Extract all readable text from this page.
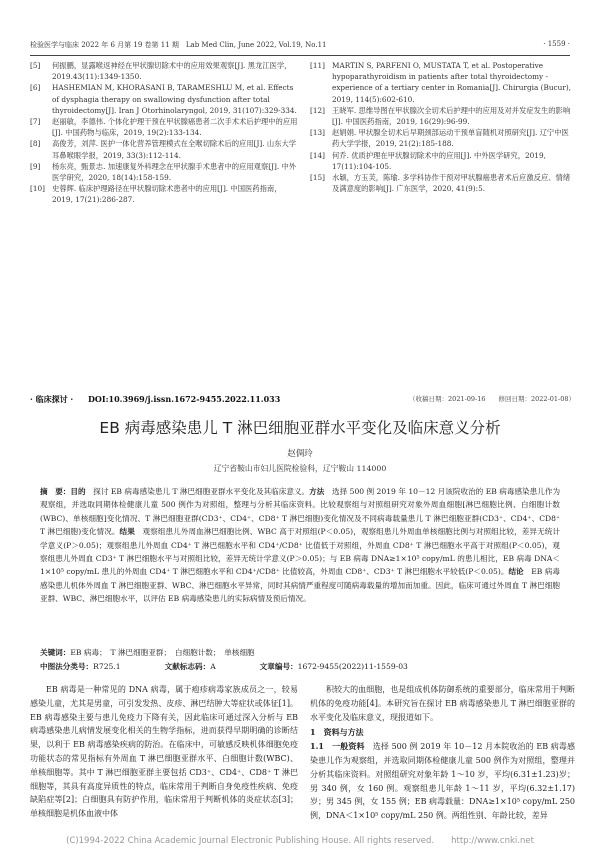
检验医学与临床 2022 年 6 月第 19 卷第 11 期　Lab Med Clin, June 2022, Vol.19, No.11	· 1559 ·
[5]	何振鹏，显露喉返神经在甲状腺切除术中的应用效果观察[J]. 黑龙江医学，2019.43(11):1349-1350.
[6]	HASHEMIAN M, KHORASANI B, TARAMESHLU M, et al. Effects of dysphagia therapy on swallowing dysfunction after total thyroidectomy[J]. Iran J Otorhinolaryngol, 2019, 31(107):329-334.
[7]	赵丽敏，李德伟. 个体化护理干预在甲状腺癌患者二次手术术后护理中的应用[J]. 中国药物与临床，2019, 19(2):133-134.
[8]	高俊芳，刘萍. 医护一体化营养管理模式在全喉切除术后的应用[J]. 山东大学耳鼻喉眼学报，2019, 33(3):112-114.
[9]	杨东亮，甄景志. 加速康复外科理念在甲状腺手术患者中的应用观察[J]. 中外医学研究，2020, 18(14):158-159.
[10] 史蓉辉. 临床护理路径在甲状腺切除术患者中的应用[J]. 中国医药指南，2019, 17(21):286-287.
[11] MARTIN S, PARFENI O, MUSTATA T, et al. Postoperative hypoparathyroidism in patients after total thyroidectomy - experience of a tertiary center in Romania[J]. Chirurgia (Bucur), 2019, 114(5):602-610.
[12] 王晓军. 思维导图在甲状腺次全切术后护理中的应用及对并发症发生的影响[J]. 中国医药指南，2019, 16(29):96-99.
[13] 赵娟娟. 甲状腺全切术后早期颈部运动干预单盲随机对照研究[J]. 辽宁中医药大学学报，2019, 21(2):185-188.
[14] 何乔. 优质护理在甲状腺切除术中的应用[J]. 中外医学研究，2019, 17(11):104-105.
[15] 水颖，方玉芙，陈瑜. 多学科协作干预对甲状腺癌患者术后应激反应、情绪及满意度的影响[J]. 广东医学，2020, 41(9):5.
（收稿日期：2021-09-16　　修回日期：2022-01-08）
· 临床探讨 · DOI:10.3969/j.issn.1672-9455.2022.11.033
EB 病毒感染患儿 T 淋巴细胞亚群水平变化及临床意义分析
赵倜玲
辽宁省鞍山市妇儿医院检验科，辽宁鞍山 114000
摘　要：目的　探讨 EB 病毒感染患儿 T 淋巴细胞亚群水平变化及其临床意义。方法　选择 500 例 2019 年 10－12 月该院收治的 EB 病毒感染患儿作为观察组，并选取同期体检健康儿童 500 例作为对照组，整理与分析其临床资料。比较观察组与对照组研究对象外周血细胞[淋巴细胞比例、白细胞计数(WBC)、单核细胞]变化情况、T 淋巴细胞亚群(CD3⁺、CD4⁺、CD8⁺ T 淋巴细胞)变化情况及不同病毒载量患儿 T 淋巴细胞亚群(CD3⁺、CD4⁺、CD8⁺ T 淋巴细胞)变化情况。结果　观察组患儿外周血淋巴细胞比例、WBC 高于对照组(P＜0.05)，观察组患儿外周血单核细胞比例与对照组比较，差异无统计学意义(P＞0.05)；观察组患儿外周血 CD4⁺ T 淋巴细胞水平和 CD4⁺/CD8⁺ 比值低于对照组，外周血 CD8⁺ T 淋巴细胞水平高于对照组(P＜0.05)，观察组患儿外周血 CD3⁺ T 淋巴细胞水平与对照组比较，差异无统计学意义(P＞0.05)；与 EB 病毒 DNA≥1×10⁵ copy/mL 的患儿相比，EB 病毒 DNA＜1×10⁵ copy/mL 患儿的外周血 CD4⁺ T 淋巴细胞水平和 CD4⁺/CD8⁺ 比值较高，外周血 CD8⁺、CD3⁺ T 淋巴细胞水平较低(P＜0.05)。结论　EB 病毒感染患儿机体外周血 T 淋巴细胞亚群、WBC、淋巴细胞水平异常，同时其病情严重程度可随病毒载量的增加而加重。因此，临床可通过外周血 T 淋巴细胞亚群、WBC、淋巴细胞水平，以评估 EB 病毒感染患儿的实际病情及预后情况。
关键词：EB 病毒；　T 淋巴细胞亚群；　白细胞计数；　单核细胞
中图法分类号：R725.1	文献标志码：A	文章编号：1672-9455(2022)11-1559-03

EB 病毒是一种常见的 DNA 病毒，属于疱疹病毒家族成员之一，较易感染儿童，尤其是男童，可引发发热、皮疹、淋巴结肿大等症状或体征[1]。EB 病毒感染主要与患儿免疫力下降有关，因此临床可通过深入分析与 EB 病毒感染患儿病情发展变化相关的生物学指标，进而获得早期明确的诊断结果，以利于 EB 病毒感染疾病的防治。在临床中，可敏感反映机体细胞免疫功能状态的常见指标有外周血 T 淋巴细胞亚群水平、白细胞计数(WBC)、单核细胞等。其中 T 淋巴细胞亚群主要包括 CD3⁺、CD4⁺、CD8⁺ T 淋巴细胞等，其具有高度异质性的特点，临床常用于判断自身免疫性疾病、免疫缺陷症等[2]；白细胞具有防护作用，临床常用于判断机体的炎症状态[3]；单核细胞是机体血液中体

积较大的血细胞，也是组成机体防御系统的重要部分，临床常用于判断机体的免疫功能[4]。本研究旨在探讨 EB 病毒感染患儿 T 淋巴细胞亚群的水平变化及临床意义，现报道如下。

1　资料与方法

1.1　一般资料　选择 500 例 2019 年 10－12 月本院收治的 EB 病毒感染患儿作为观察组，并选取同期体检健康儿童 500 例作为对照组，整理并分析其临床资料。对照组研究对象年龄 1～10 岁，平均(6.31±1.23)岁；男 340 例，女 160 例。观察组患儿年龄 1～11 岁，平均(6.32±1.17)岁；男 345 例，女 155 例；EB 病毒载量：DNA≥1×10⁵ copy/mL 250 例，DNA＜1×10⁵ copy/mL 250 例。两组性别、年龄比较，差异

(C)1994-2022 China Academic Journal Electronic Publishing House. All rights reserved.　　http://www.cnki.net
